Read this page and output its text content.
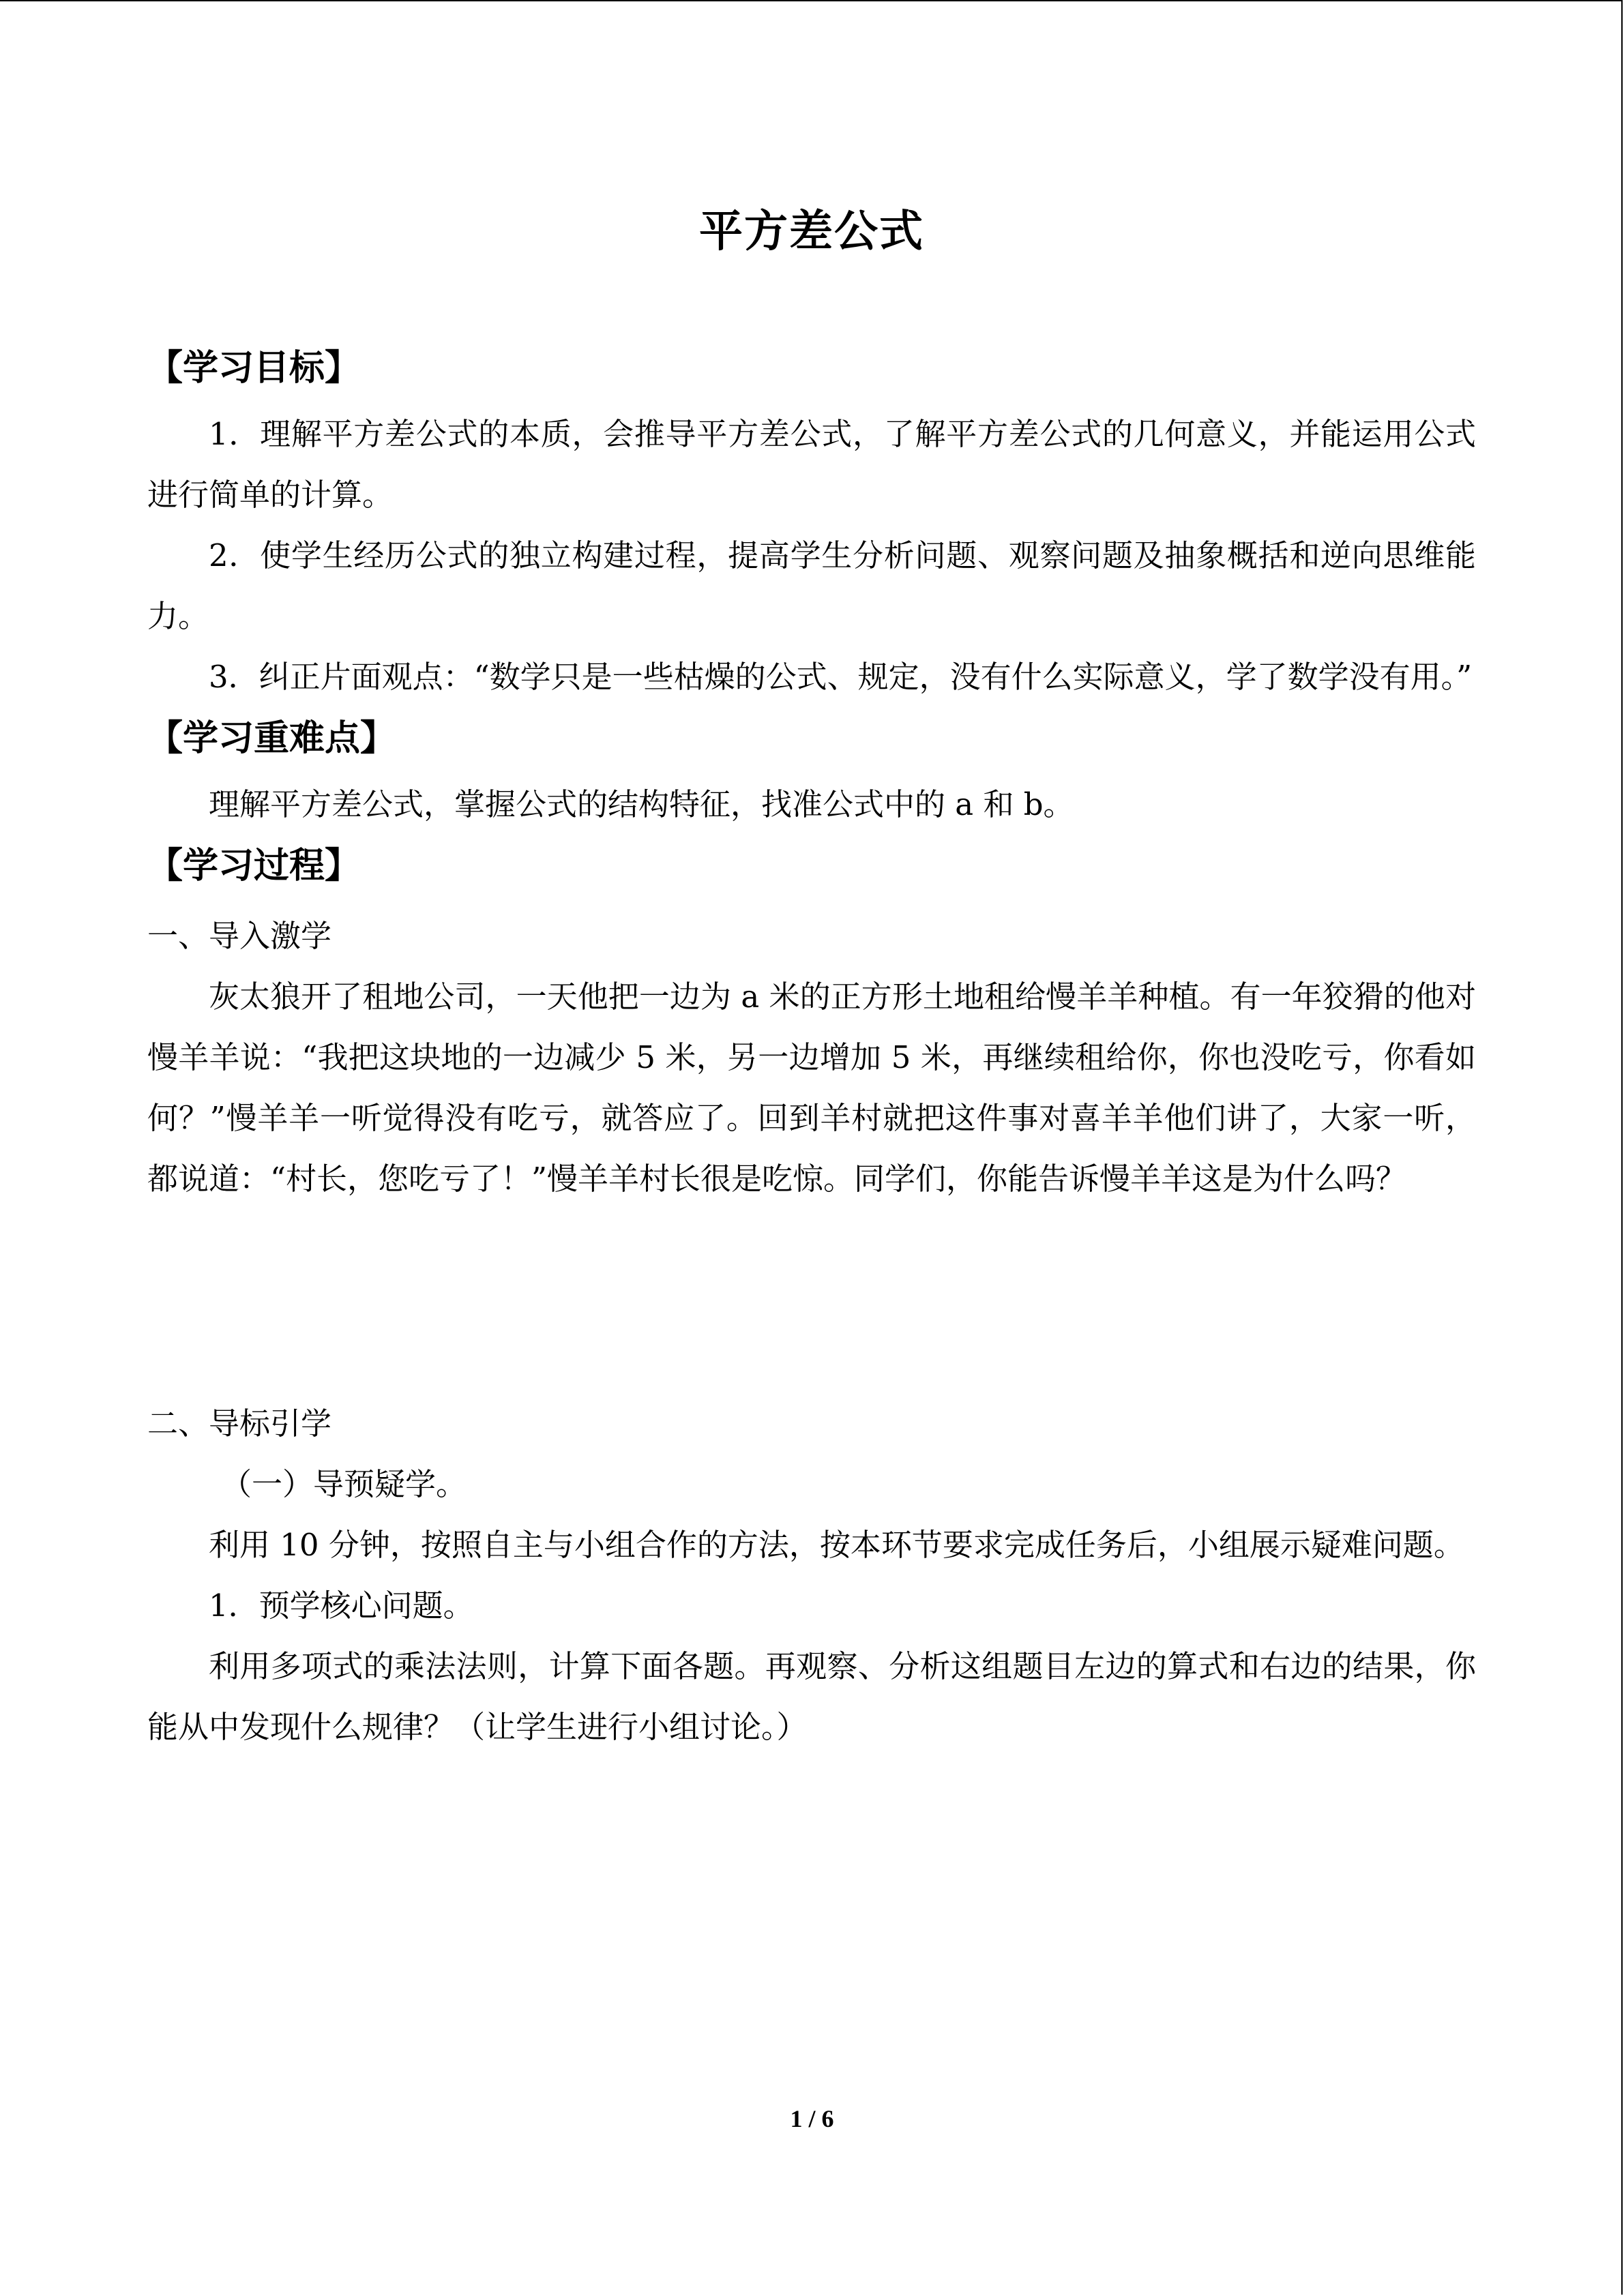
平方差公式
【学习目标】

1．理解平方差公式的本质，会推导平方差公式，了解平方差公式的几何意义，并能运用公式进行简单的计算。

2．使学生经历公式的独立构建过程，提高学生分析问题、观察问题及抽象概括和逆向思维能力。

3．纠正片面观点：“数学只是一些枯燥的公式、规定，没有什么实际意义，学了数学没有用。”

【学习重难点】

理解平方差公式，掌握公式的结构特征，找准公式中的 a 和 b。

【学习过程】

一、导入激学

灰太狼开了租地公司，一天他把一边为 a 米的正方形土地租给慢羊羊种植。有一年狡猾的他对慢羊羊说：“我把这块地的一边减少 5 米，另一边增加 5 米，再继续租给你，你也没吃亏，你看如何？”慢羊羊一听觉得没有吃亏，就答应了。回到羊村就把这件事对喜羊羊他们讲了，大家一听，都说道：“村长，您吃亏了！”慢羊羊村长很是吃惊。同学们，你能告诉慢羊羊这是为什么吗？

二、导标引学

（一）导预疑学。

利用 10 分钟，按照自主与小组合作的方法，按本环节要求完成任务后，小组展示疑难问题。

1．预学核心问题。

利用多项式的乘法法则，计算下面各题。再观察、分析这组题目左边的算式和右边的结果，你能从中发现什么规律？（让学生进行小组讨论。）

1 / 6
